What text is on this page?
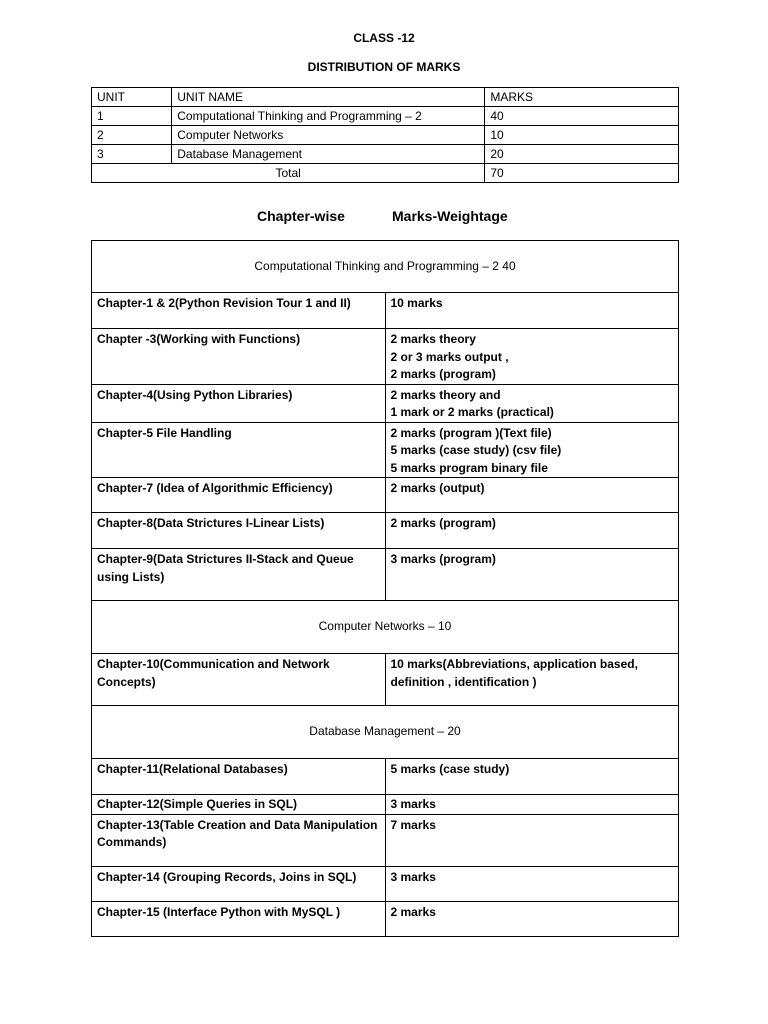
CLASS -12
DISTRIBUTION OF MARKS
UNIT	UNIT NAME	MARKS
1	Computational Thinking and Programming – 2	40
2	Computer Networks	10
3	Database Management	20
Total		70
Chapter-wise	Marks-Weightage
Computational Thinking and Programming – 2 40	
Chapter-1 & 2(Python Revision Tour 1 and II)	10 marks
Chapter -3(Working with Functions)	2 marks theory
2 or 3 marks output ,
2 marks (program)
Chapter-4(Using Python Libraries)	2 marks theory and
1 mark or 2 marks (practical)
Chapter-5 File Handling	2 marks (program )(Text file)
5 marks (case study) (csv file)
5 marks program binary file
Chapter-7 (Idea of Algorithmic Efficiency)	2 marks (output)
Chapter-8(Data Strictures I-Linear Lists)	2 marks (program)
Chapter-9(Data Strictures II-Stack and Queue using Lists)	3 marks (program)
Computer Networks – 10	
Chapter-10(Communication and Network Concepts)	10 marks(Abbreviations, application based, definition , identification )
Database Management – 20	
Chapter-11(Relational Databases)	5 marks (case study)
Chapter-12(Simple Queries in SQL)	3 marks
Chapter-13(Table Creation and Data Manipulation Commands)	7 marks
Chapter-14 (Grouping Records, Joins in SQL)	3 marks
Chapter-15 (Interface Python with MySQL )	2 marks
